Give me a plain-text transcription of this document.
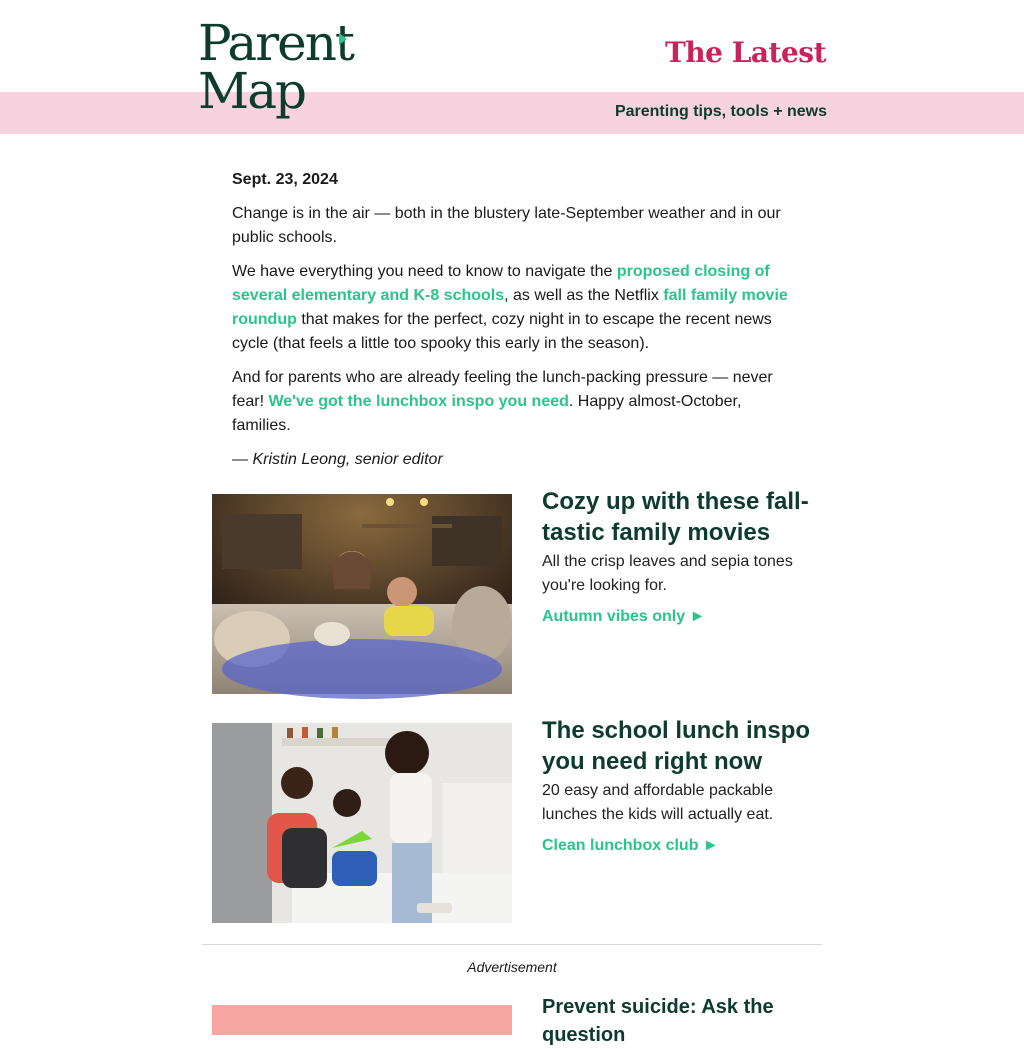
Parent
Map
The Latest
Parenting tips, tools + news
Sept. 23, 2024

Change is in the air — both in the blustery late-September weather and in our public schools.

We have everything you need to know to navigate the proposed closing of several elementary and K-8 schools, as well as the Netflix fall family movie roundup that makes for the perfect, cozy night in to escape the recent news cycle (that feels a little too spooky this early in the season).

And for parents who are already feeling the lunch-packing pressure — never fear! We've got the lunchbox inspo you need. Happy almost-October, families.

— Kristin Leong, senior editor

Cozy up with these fall-tastic family movies
All the crisp leaves and sepia tones you're looking for.
Autumn vibes only ►
The school lunch inspo you need right now
20 easy and affordable packable lunches the kids will actually eat.
Clean lunchbox club ►
Advertisement
Prevent suicide: Ask the question
